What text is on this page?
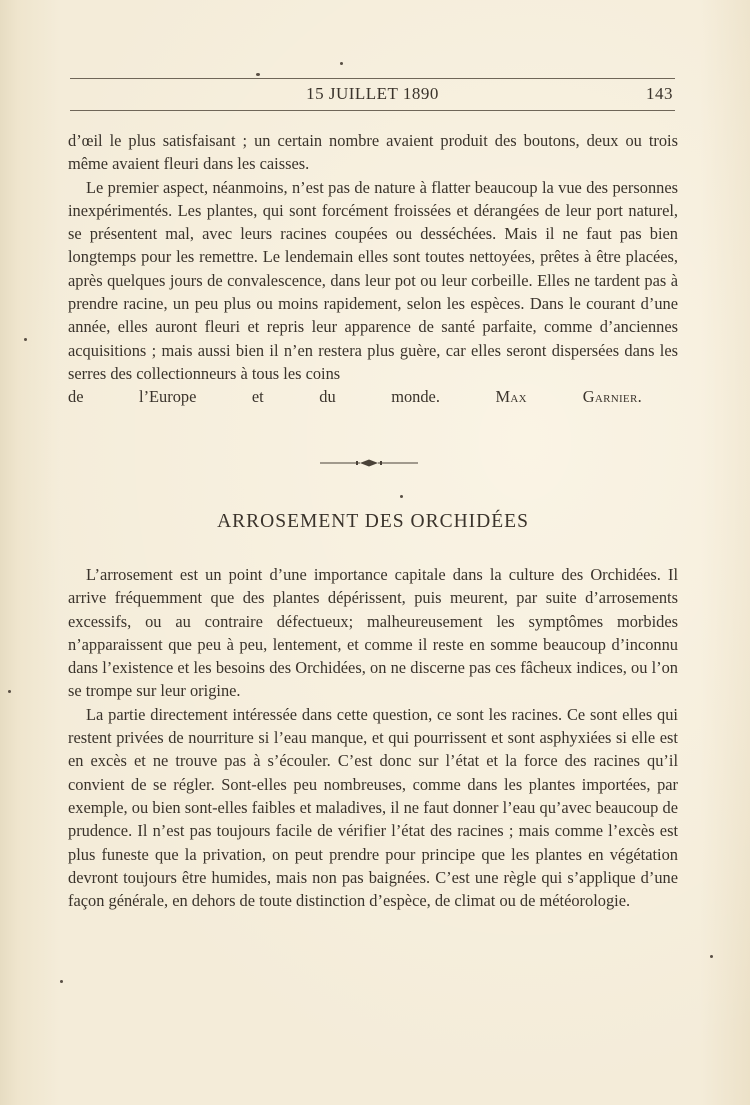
15 JUILLET 1890	143

d’œil le plus satisfaisant ; un certain nombre avaient produit des boutons, deux ou trois même avaient fleuri dans les caisses.

Le premier aspect, néanmoins, n’est pas de nature à flatter beaucoup la vue des personnes inexpérimentés. Les plantes, qui sont forcément froissées et dérangées de leur port naturel, se présentent mal, avec leurs racines coupées ou desséchées. Mais il ne faut pas bien longtemps pour les remettre. Le lendemain elles sont toutes nettoyées, prêtes à être placées, après quelques jours de convalescence, dans leur pot ou leur corbeille. Elles ne tardent pas à prendre racine, un peu plus ou moins rapidement, selon les espèces. Dans le courant d’une année, elles auront fleuri et repris leur apparence de santé parfaite, comme d’anciennes acquisitions ; mais aussi bien il n’en restera plus guère, car elles seront dispersées dans les serres des collectionneurs à tous les coins

de l’Europe et du monde.	Max Garnier.

ARROSEMENT DES ORCHIDÉES

L’arrosement est un point d’une importance capitale dans la culture des Orchidées. Il arrive fréquemment que des plantes dépérissent, puis meurent, par suite d’arrosements excessifs, ou au contraire défectueux; malheureusement les symptômes morbides n’apparaissent que peu à peu, lentement, et comme il reste en somme beaucoup d’inconnu dans l’existence et les besoins des Orchidées, on ne discerne pas ces fâcheux indices, ou l’on se trompe sur leur origine.

La partie directement intéressée dans cette question, ce sont les racines. Ce sont elles qui restent privées de nourriture si l’eau manque, et qui pourrissent et sont asphyxiées si elle est en excès et ne trouve pas à s’écouler. C’est donc sur l’état et la force des racines qu’il convient de se régler. Sont-elles peu nombreuses, comme dans les plantes importées, par exemple, ou bien sont-elles faibles et maladives, il ne faut donner l’eau qu’avec beaucoup de prudence. Il n’est pas toujours facile de vérifier l’état des racines ; mais comme l’excès est plus funeste que la privation, on peut prendre pour principe que les plantes en végétation devront toujours être humides, mais non pas baignées. C’est une règle qui s’applique d’une façon générale, en dehors de toute distinction d’espèce, de climat ou de météorologie.
